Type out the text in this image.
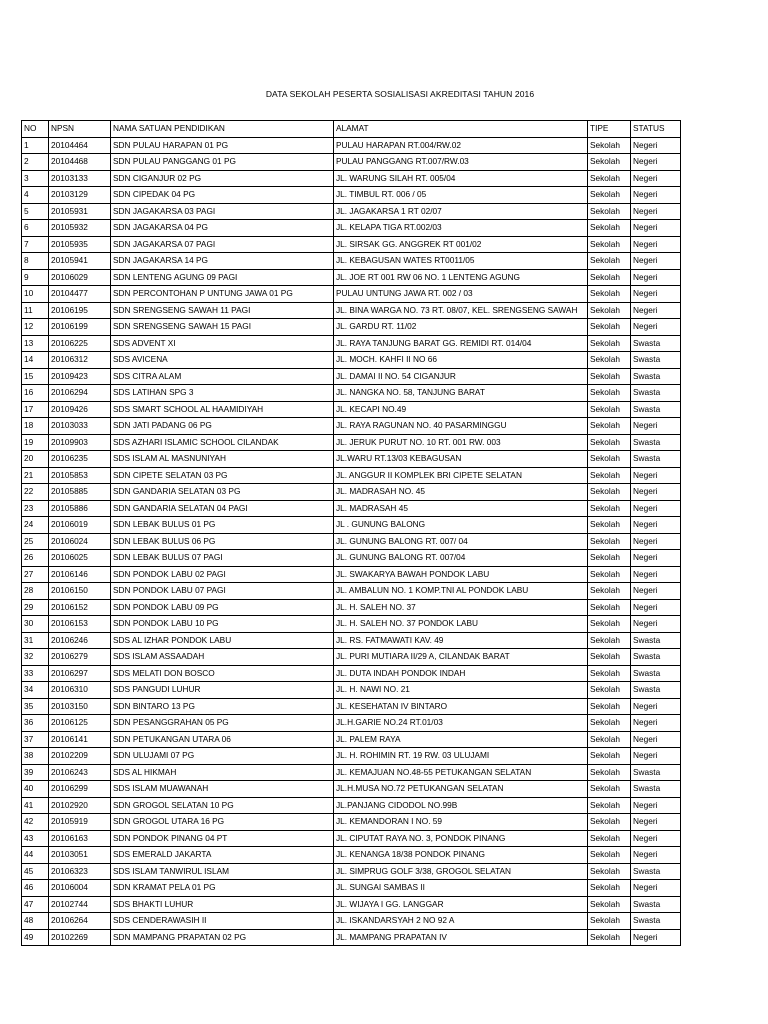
DATA SEKOLAH PESERTA SOSIALISASI AKREDITASI TAHUN 2016
NO	NPSN	NAMA SATUAN PENDIDIKAN	ALAMAT	TIPE	STATUS
1	20104464	SDN PULAU HARAPAN 01 PG	PULAU HARAPAN RT.004/RW.02	Sekolah	Negeri
2	20104468	SDN PULAU PANGGANG 01 PG	PULAU PANGGANG RT.007/RW.03	Sekolah	Negeri
3	20103133	SDN CIGANJUR 02 PG	JL. WARUNG SILAH RT. 005/04	Sekolah	Negeri
4	20103129	SDN CIPEDAK 04 PG	JL. TIMBUL RT. 006 / 05	Sekolah	Negeri
5	20105931	SDN JAGAKARSA 03 PAGI	JL. JAGAKARSA 1 RT 02/07	Sekolah	Negeri
6	20105932	SDN JAGAKARSA 04 PG	JL. KELAPA TIGA RT.002/03	Sekolah	Negeri
7	20105935	SDN JAGAKARSA 07 PAGI	JL. SIRSAK GG. ANGGREK RT 001/02	Sekolah	Negeri
8	20105941	SDN JAGAKARSA 14 PG	JL. KEBAGUSAN WATES RT0011/05	Sekolah	Negeri
9	20106029	SDN LENTENG AGUNG 09 PAGI	JL. JOE RT 001 RW 06 NO. 1 LENTENG AGUNG	Sekolah	Negeri
10	20104477	SDN PERCONTOHAN P UNTUNG JAWA 01 PG	PULAU UNTUNG JAWA RT. 002 / 03	Sekolah	Negeri
11	20106195	SDN SRENGSENG SAWAH 11 PAGI	JL. BINA WARGA NO. 73 RT. 08/07, KEL. SRENGSENG SAWAH	Sekolah	Negeri
12	20106199	SDN SRENGSENG SAWAH 15 PAGI	JL. GARDU RT. 11/02	Sekolah	Negeri
13	20106225	SDS ADVENT XI	JL. RAYA TANJUNG BARAT GG. REMIDI RT. 014/04	Sekolah	Swasta
14	20106312	SDS AVICENA	JL. MOCH. KAHFI II NO 66	Sekolah	Swasta
15	20109423	SDS CITRA ALAM	JL. DAMAI II NO. 54 CIGANJUR	Sekolah	Swasta
16	20106294	SDS LATIHAN SPG 3	JL. NANGKA NO. 58, TANJUNG BARAT	Sekolah	Swasta
17	20109426	SDS SMART SCHOOL AL HAAMIDIYAH	JL. KECAPI NO.49	Sekolah	Swasta
18	20103033	SDN JATI PADANG 06 PG	JL. RAYA RAGUNAN NO. 40 PASARMINGGU	Sekolah	Negeri
19	20109903	SDS AZHARI ISLAMIC SCHOOL CILANDAK	JL. JERUK PURUT NO. 10 RT. 001 RW. 003	Sekolah	Swasta
20	20106235	SDS ISLAM AL MASNUNIYAH	JL.WARU RT.13/03 KEBAGUSAN	Sekolah	Swasta
21	20105853	SDN CIPETE SELATAN 03 PG	JL. ANGGUR II KOMPLEK BRI CIPETE SELATAN	Sekolah	Negeri
22	20105885	SDN GANDARIA SELATAN 03 PG	JL. MADRASAH NO. 45	Sekolah	Negeri
23	20105886	SDN GANDARIA SELATAN 04 PAGI	JL. MADRASAH 45	Sekolah	Negeri
24	20106019	SDN LEBAK BULUS 01 PG	JL . GUNUNG BALONG	Sekolah	Negeri
25	20106024	SDN LEBAK BULUS 06 PG	JL. GUNUNG BALONG RT. 007/ 04	Sekolah	Negeri
26	20106025	SDN LEBAK BULUS 07 PAGI	JL. GUNUNG BALONG RT. 007/04	Sekolah	Negeri
27	20106146	SDN PONDOK LABU 02 PAGI	JL. SWAKARYA BAWAH PONDOK LABU	Sekolah	Negeri
28	20106150	SDN PONDOK LABU 07 PAGI	JL. AMBALUN NO. 1 KOMP.TNI AL PONDOK LABU	Sekolah	Negeri
29	20106152	SDN PONDOK LABU 09 PG	JL. H. SALEH NO. 37	Sekolah	Negeri
30	20106153	SDN PONDOK LABU 10 PG	JL. H. SALEH NO. 37 PONDOK LABU	Sekolah	Negeri
31	20106246	SDS AL IZHAR PONDOK LABU	JL. RS. FATMAWATI KAV. 49	Sekolah	Swasta
32	20106279	SDS ISLAM ASSAADAH	JL. PURI MUTIARA II/29 A, CILANDAK BARAT	Sekolah	Swasta
33	20106297	SDS MELATI DON BOSCO	JL. DUTA INDAH PONDOK INDAH	Sekolah	Swasta
34	20106310	SDS PANGUDI LUHUR	JL. H. NAWI NO. 21	Sekolah	Swasta
35	20103150	SDN BINTARO 13 PG	JL. KESEHATAN IV BINTARO	Sekolah	Negeri
36	20106125	SDN PESANGGRAHAN 05 PG	JL.H.GARIE NO.24 RT.01/03	Sekolah	Negeri
37	20106141	SDN PETUKANGAN UTARA 06	JL. PALEM RAYA	Sekolah	Negeri
38	20102209	SDN ULUJAMI 07 PG	JL. H. ROHIMIN RT. 19 RW. 03 ULUJAMI	Sekolah	Negeri
39	20106243	SDS AL HIKMAH	JL. KEMAJUAN NO.48-55 PETUKANGAN SELATAN	Sekolah	Swasta
40	20106299	SDS ISLAM MUAWANAH	JL.H.MUSA NO.72 PETUKANGAN SELATAN	Sekolah	Swasta
41	20102920	SDN GROGOL SELATAN 10 PG	JL.PANJANG CIDODOL NO.99B	Sekolah	Negeri
42	20105919	SDN GROGOL UTARA 16 PG	JL. KEMANDORAN I NO. 59	Sekolah	Negeri
43	20106163	SDN PONDOK PINANG 04 PT	JL. CIPUTAT RAYA NO. 3, PONDOK PINANG	Sekolah	Negeri
44	20103051	SDS EMERALD JAKARTA	JL. KENANGA 18/38 PONDOK PINANG	Sekolah	Negeri
45	20106323	SDS ISLAM TANWIRUL ISLAM	JL. SIMPRUG GOLF 3/38, GROGOL SELATAN	Sekolah	Swasta
46	20106004	SDN KRAMAT PELA 01 PG	JL. SUNGAI SAMBAS II	Sekolah	Negeri
47	20102744	SDS BHAKTI LUHUR	JL. WIJAYA I GG. LANGGAR	Sekolah	Swasta
48	20106264	SDS CENDERAWASIH II	JL. ISKANDARSYAH 2 NO 92 A	Sekolah	Swasta
49	20102269	SDN MAMPANG PRAPATAN 02 PG	JL. MAMPANG PRAPATAN IV	Sekolah	Negeri
